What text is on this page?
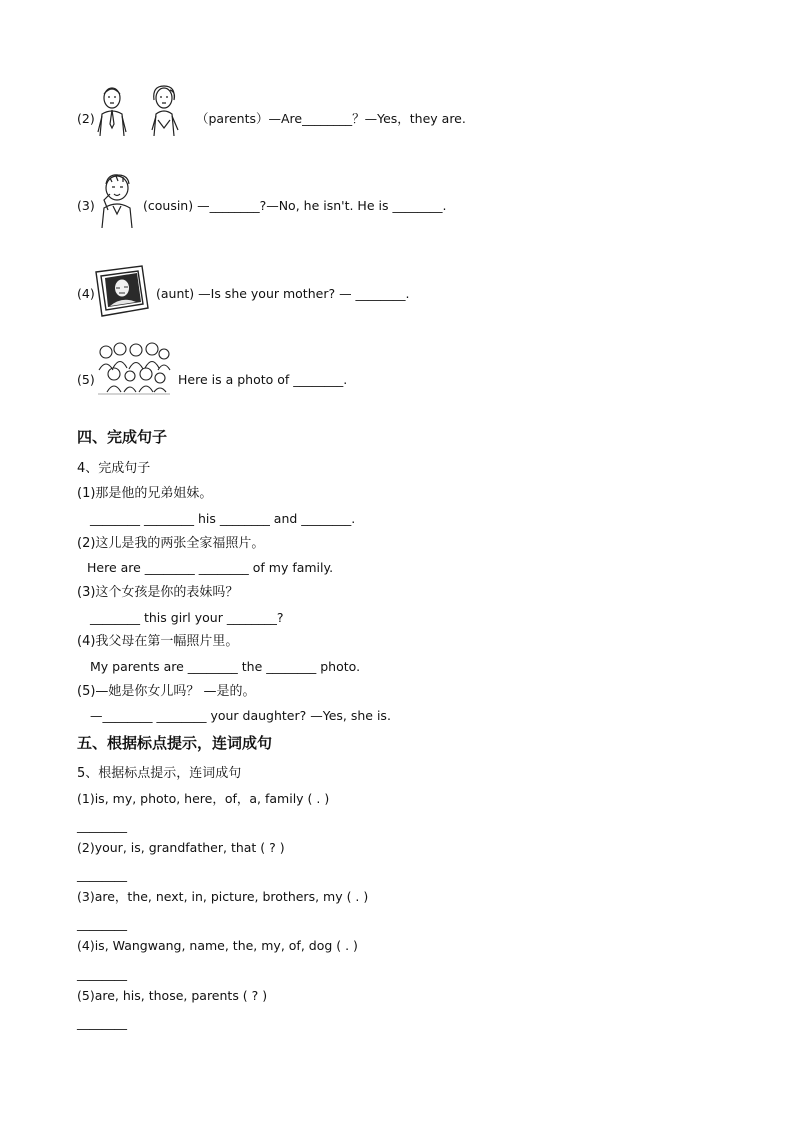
(2)	（parents）—Are________？—Yes，they are.
(3)	(cousin) —________?—No, he isn't. He is ________.
(4)	(aunt) —Is she your mother? — ________.
(5)	Here is a photo of ________.
四、完成句子
4、完成句子
(1)那是他的兄弟姐妹。
________ ________ his ________ and ________.
(2)这儿是我的两张全家福照片。
Here are ________ ________ of my family.
(3)这个女孩是你的表妹吗？
________ this girl your ________?
(4)我父母在第一幅照片里。
My parents are ________ the ________ photo.
(5)—她是你女儿吗？ —是的。
—________ ________ your daughter? —Yes, she is.
五、根据标点提示，连词成句
5、根据标点提示，连词成句
(1)is, my, photo, here，of，a, family ( . )
________
(2)your, is, grandfather, that ( ? )
________
(3)are，the, next, in, picture, brothers, my ( . )
________
(4)is, Wangwang, name, the, my, of, dog ( . )
________
(5)are, his, those, parents ( ? )
________
